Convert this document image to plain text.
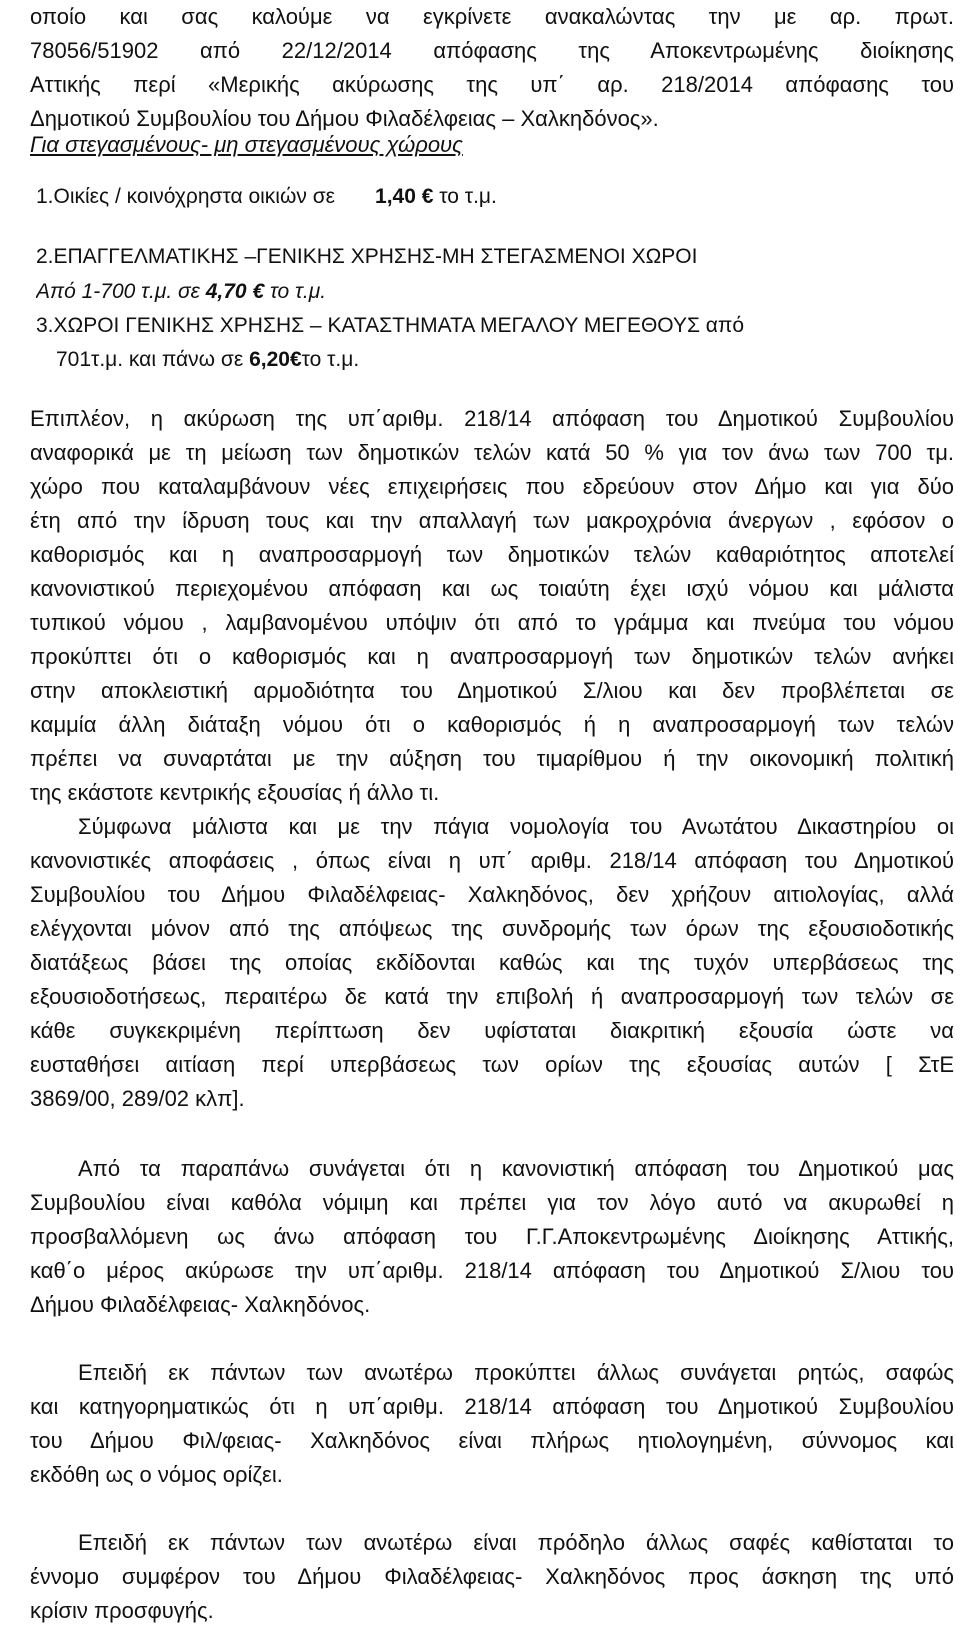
οποίο και σας καλούμε να εγκρίνετε ανακαλώντας την με αρ. πρωτ.

78056/51902 από 22/12/2014 απόφασης της Αποκεντρωμένης διοίκησης

Αττικής περί «Μερικής ακύρωσης της υπ΄ αρ. 218/2014 απόφασης του

Δημοτικού Συμβουλίου του Δήμου Φιλαδέλφειας – Χαλκηδόνος».

Για στεγασμένους- μη στεγασμένους χώρους

1.Οικίες / κοινόχρηστα οικιών σε 1,40 € το τ.μ.

2.ΕΠΑΓΓΕΛΜΑΤΙΚΗΣ –ΓΕΝΙΚΗΣ ΧΡΗΣΗΣ-ΜΗ ΣΤΕΓΑΣΜΕΝΟΙ ΧΩΡΟΙ

Από 1-700 τ.μ. σε 4,70 € το τ.μ.

3.ΧΩΡΟΙ ΓΕΝΙΚΗΣ ΧΡΗΣΗΣ – ΚΑΤΑΣΤΗΜΑΤΑ ΜΕΓΑΛΟΥ ΜΕΓΕΘΟΥΣ από

701τ.μ. και πάνω σε 6,20€το τ.μ.

Επιπλέον, η ακύρωση της υπ΄αριθμ. 218/14 απόφαση του Δημοτικού Συμβουλίου

αναφορικά με τη μείωση των δημοτικών τελών κατά 50 % για τον άνω των 700 τμ.

χώρο που καταλαμβάνουν νέες επιχειρήσεις που εδρεύουν στον Δήμο και για δύο

έτη από την ίδρυση τους και την απαλλαγή των μακροχρόνια άνεργων , εφόσον ο

καθορισμός και η αναπροσαρμογή των δημοτικών τελών καθαριότητος αποτελεί

κανονιστικού περιεχομένου απόφαση και ως τοιαύτη έχει ισχύ νόμου και μάλιστα

τυπικού νόμου , λαμβανομένου υπόψιν ότι από το γράμμα και πνεύμα του νόμου

προκύπτει ότι ο καθορισμός και η αναπροσαρμογή των δημοτικών τελών ανήκει

στην αποκλειστική αρμοδιότητα του Δημοτικού Σ/λιου και δεν προβλέπεται σε

καμμία άλλη διάταξη νόμου ότι ο καθορισμός ή η αναπροσαρμογή των τελών

πρέπει να συναρτάται με την αύξηση του τιμαρίθμου ή την οικονομική πολιτική

της εκάστοτε κεντρικής εξουσίας ή άλλο τι.

Σύμφωνα μάλιστα και με την πάγια νομολογία του Ανωτάτου Δικαστηρίου οι

κανονιστικές αποφάσεις , όπως είναι η υπ΄ αριθμ. 218/14 απόφαση του Δημοτικού

Συμβουλίου του Δήμου Φιλαδέλφειας- Χαλκηδόνος, δεν χρήζουν αιτιολογίας, αλλά

ελέγχονται μόνον από της απόψεως της συνδρομής των όρων της εξουσιοδοτικής

διατάξεως βάσει της οποίας εκδίδονται καθώς και της τυχόν υπερβάσεως της

εξουσιοδοτήσεως, περαιτέρω δε κατά την επιβολή ή αναπροσαρμογή των τελών σε

κάθε συγκεκριμένη περίπτωση δεν υφίσταται διακριτική εξουσία ώστε να

ευσταθήσει αιτίαση περί υπερβάσεως των ορίων της εξουσίας αυτών [ ΣτΕ

3869/00, 289/02 κλπ].

Από τα παραπάνω συνάγεται ότι η κανονιστική απόφαση του Δημοτικού μας

Συμβουλίου είναι καθόλα νόμιμη και πρέπει για τον λόγο αυτό να ακυρωθεί η

προσβαλλόμενη ως άνω απόφαση του Γ.Γ.Αποκεντρωμένης Διοίκησης Αττικής,

καθ΄ο μέρος ακύρωσε την υπ΄αριθμ. 218/14 απόφαση του Δημοτικού Σ/λιου του

Δήμου Φιλαδέλφειας- Χαλκηδόνος.

Επειδή εκ πάντων των ανωτέρω προκύπτει άλλως συνάγεται ρητώς, σαφώς

και κατηγορηματικώς ότι η υπ΄αριθμ. 218/14 απόφαση του Δημοτικού Συμβουλίου

του Δήμου Φιλ/φειας- Χαλκηδόνος είναι πλήρως ητιολογημένη, σύννομος και

εκδόθη ως ο νόμος ορίζει.

Επειδή εκ πάντων των ανωτέρω είναι πρόδηλο άλλως σαφές καθίσταται το

έννομο συμφέρον του Δήμου Φιλαδέλφειας- Χαλκηδόνος προς άσκηση της υπό

κρίσιν προσφυγής.
